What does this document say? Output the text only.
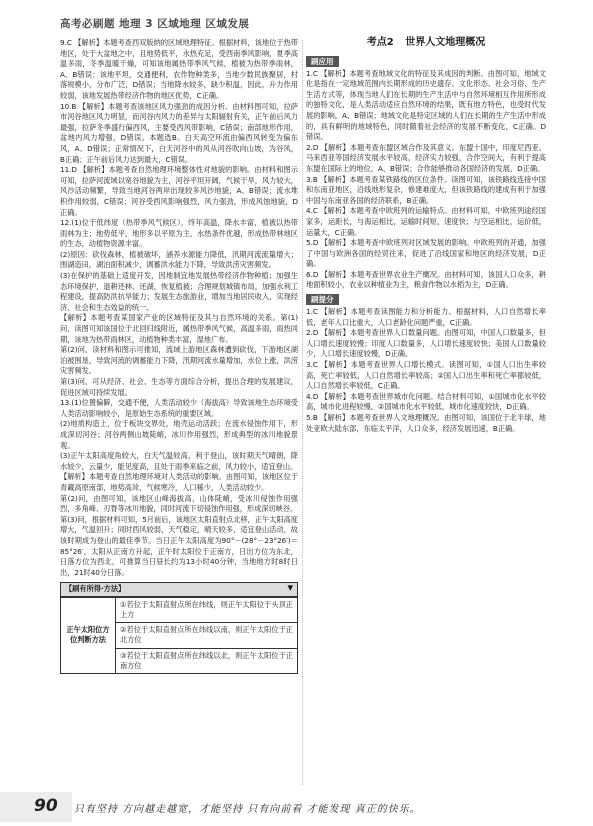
高考必刷题 地理 3 区域地理 区域发展

9.C 【解析】本题考查西双版纳的区域地理特征。根据材料，该地位于热带地区，处于大盆地之中，且地势低平，水热充足，受西南季风影响，夏季高温多雨，冬季温暖干燥，可知该地属热带季风气候，植被为热带季雨林，A、B错误；该地平坦，交通便利，农作物种类多，当地少数民族聚居，村落规模小，分布广泛，D错误；当地降水较多，缺少积温，因此，升力作用较弱，该地发展热带经济作物的地区优势，C正确。

10.B 【解析】本题考查该地区风力强劲的成因分析。由材料图可知，拉萨市河谷地区风力明显，而河谷内风力的差异与太阳辐射有关，正午前后风力最强，拉萨冬季盛行偏西风，主要受西风带影响，C错误；南部地形作用，盆地内风力增强，D错误。本题选B。白天高空环流由偏西风转变为偏东风，A、D错误；正常情况下，白天河谷中的风从河谷吹向山坡，为谷风，B正确；正午前后风力达到最大，C错误。

11.D 【解析】本题考查自然地理环境整体性对地貌的影响。由材料和图示可知，拉萨河流域以宽谷地貌为主，河谷平坦开阔，气候干旱，风力较大，风沙活动频繁，导致当地河谷两岸出现较多风沙地貌，A、B错误；流水堆积作用较弱，C错误；河谷受西风影响强烈，风力强劲，形成风蚀地貌，D正确。

12.(1)位于低纬度（热带季风气候区），终年高温，降水丰富，植被以热带雨林为主；地势低平，地形多以平原为主，水热条件优越，形成热带林地区的生态，动植物资源丰富。

(2)原因：砍伐森林，植被破坏，涵养水源能力降低，汛期河流流量增大；围湖造田，湖泊面积减少，调蓄洪水能力下降，导致洪涝灾害频发。

(3)在保护的基础上适度开发，因地制宜地发展热带经济作物种植；加强生态环境保护，退耕还林、还湖，恢复植被；合理规划城镇布局，加强水利工程建设，提高防洪抗旱能力；发展生态旅游业，增加当地居民收入，实现经济、社会和生态效益的统一。

【解析】本题考查某国家产业的区域特征及其与自然环境的关系。第(1)问，读图可知该国位于北回归线附近，属热带季风气候，高温多雨，雨热同期，该地为热带雨林区，动植物种类丰富，湿地广布。

第(2)问，读材料和图示可推知，流域上游地区森林遭到砍伐，下游地区湖泊被围垦，导致河流的调蓄能力下降，汛期河流水量增加，水位上涨，洪涝灾害频发。

第(3)问，可从经济、社会、生态等方面综合分析，提出合理的发展建议，促进区域可持续发展。

13.(1)位置偏僻，交通不便，人类活动较少（海拔高）导致该地生态环境受人类活动影响较小，是原始生态系统的重要区域。

(2)地质构造上，位于板块交界处，地壳运动活跃；在流水侵蚀作用下，形成深切河谷；河谷两侧山坡陡峭，冰川作用强烈，形成典型的冰川地貌景观。

(3)正午太阳高度角较大，白天气温较高，利于登山，该时期天气晴朗，降水较少，云量少，能见度高，且处于雨季来临之前，风力较小，适宜登山。

【解析】本题考查自然地理环境对人类活动的影响。由图可知，该地区位于青藏高原南部，地势高耸，气候寒冷，人口稀少，人类活动较少。

第(2)问，由图可知，该地区山峰海拔高，山体陡峭，受冰川侵蚀作用强烈，多角峰、刃脊等冰川地貌，同时河流下切侵蚀作用强，形成深切峡谷。

第(3)问，根据材料可知，5月前后，该地区太阳直射点北移，正午太阳高度增大，气温回升；同时西风较弱，天气稳定，晴天较多，适宜登山活动，故该时期成为登山的最佳季节。当日正午太阳高度为90°－(28°－23°26′)＝85°26′，太阳从正南方升起，正午时太阳位于正南方，日出方位为东北，日落方位为西北，可推算当日昼长约为13小时40分钟，当地地方时8时日出，21时40分日落。

【刷有所得·方法】	▼
正午太阳位方位判断方法	①若位于太阳直射点所在纬线，则正午太阳位于头顶正上方
②若位于太阳直射点所在纬线以南，则正午太阳位于正北方位
③若位于太阳直射点所在纬线以北，则正午太阳位于正南方位
考点2 世界人文地理概况
刷应用

1.C 【解析】本题考查地域文化的特征及其成因的判断。由图可知，地域文化是指在一定地域范围内长期形成的历史遗存、文化形态、社会习俗、生产生活方式等，体现当地人们在长期的生产生活中与自然环境相互作用所形成的独特文化，是人类活动适应自然环境的结果，既有地方特色，也受时代发展的影响，A、B错误；地域文化是特定区域的人们在长期的生产生活中形成的，具有鲜明的地域特色，同时随着社会经济的发展不断变化，C正确。D错误。

2.D 【解析】本题考查东盟区域合作及其意义。东盟十国中，印度尼西亚、马来西亚等国经济发展水平较高，经济实力较强，合作空间大，有利于提高东盟在国际上的地位，A、B错误；合作能够推动各国经济的发展，D正确。

3.B 【解析】本题考查某铁路线的区位条件。读图可知，该铁路线连接中国和东南亚地区，沿线地形复杂，修建难度大，但该铁路线的建成有利于加强中国与东南亚各国的经济联系，B正确。

4.C 【解析】本题考查中欧班列的运输特点。由材料可知，中欧班列途经国家多，运距长，与海运相比，运输时间短，速度快；与空运相比，运价低，运量大，C正确。

5.D 【解析】本题考查中欧班列对区域发展的影响。中欧班列的开通，加强了中国与欧洲各国的经贸往来，促进了沿线国家和地区的经济发展，D正确。

6.D 【解析】本题考查世界农业生产概况。由材料可知，该国人口众多，耕地面积较小，农业以种植业为主，粮食作物以水稻为主，D正确。

刷提分

1.C 【解析】本题考查读图能力和分析能力。根据材料，人口自然增长率低，老年人口比重大，人口老龄化问题严重，C正确。

2.D 【解析】本题考查世界人口数量问题。由图可知，中国人口数量多，但人口增长速度较慢；印度人口数量多，人口增长速度较快；美国人口数量较少，人口增长速度较慢，D正确。

3.C 【解析】本题考查世界人口增长模式。读图可知，①国人口出生率较高，死亡率较低，人口自然增长率较高；②国人口出生率和死亡率都较低，人口自然增长率较低，C正确。

4.D 【解析】本题考查世界城市化问题。结合材料可知，①国城市化水平较高，城市化进程较慢，②国城市化水平较低，城市化速度较快，D正确。

5.B 【解析】本题考查世界人文地理概况。由图可知，该国位于北半球，地处亚欧大陆东部，东临太平洋，人口众多，经济发展迅速，B正确。

90 只有坚持 方向越走越宽，才能坚持 只有向前看 才能发现 真正的快乐。
